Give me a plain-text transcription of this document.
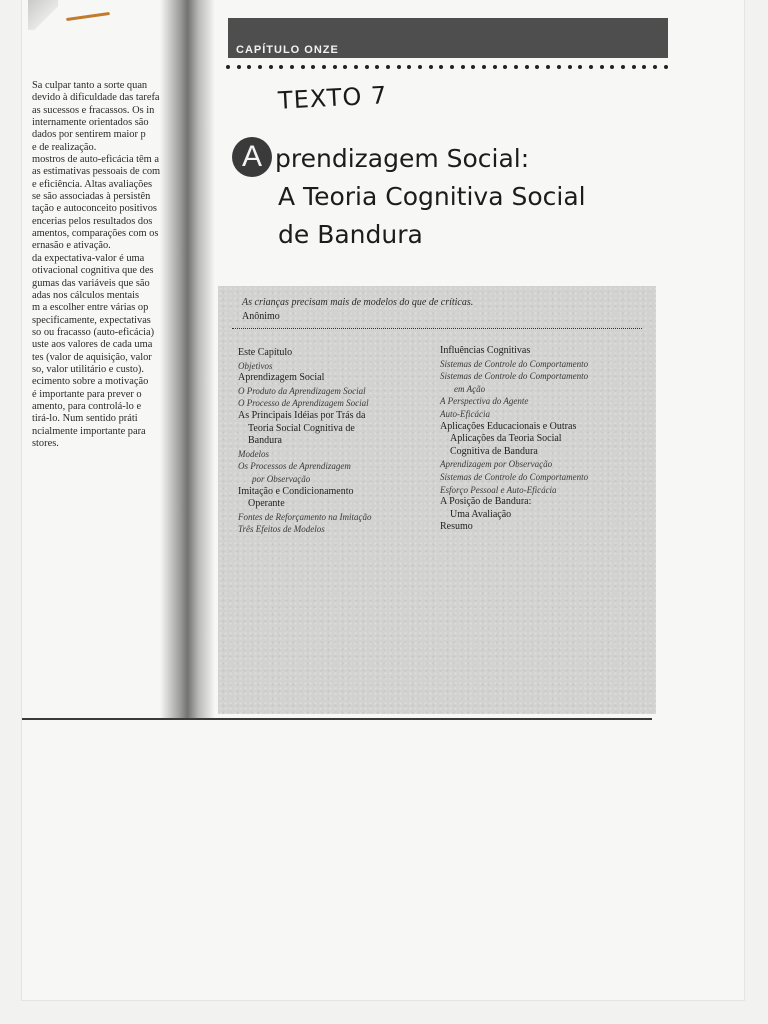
Sa culpar tanto a sorte quan
devido à dificuldade das tarefa
as sucessos e fracassos. Os in
internamente orientados são
dados por sentirem maior p
e de realização.
mostros de auto-eficácia têm a
as estimativas pessoais de com
e eficiência. Altas avaliações
se são associadas à persistên
tação e autoconceito positivos
encerias pelos resultados dos
amentos, comparações com os
ernasão e ativação.
da expectativa-valor é uma
otivacional cognitiva que des
gumas das variáveis que são
adas nos cálculos mentais
m a escolher entre várias op
specificamente, expectativas
so ou fracasso (auto-eficácia)
uste aos valores de cada uma
tes (valor de aquisição, valor
so, valor utilitário e custo).
ecimento sobre a motivação
é importante para prever o
amento, para controlá-lo e
tirá-lo. Num sentido práti
ncialmente importante para
stores.
CAPÍTULO ONZE
TEXTO 7
A prendizagem Social:
A Teoria Cognitiva Social
de Bandura
As crianças precisam mais de modelos do que de críticas.
Anônimo
Este Capítulo
Objetivos
Aprendizagem Social
O Produto da Aprendizagem Social
O Processo de Aprendizagem Social
As Principais Idéias por Trás da
Teoria Social Cognitiva de
Bandura
Modelos
Os Processos de Aprendizagem
por Observação
Imitação e Condicionamento
Operante
Fontes de Reforçamento na Imitação
Três Efeitos de Modelos
Influências Cognitivas
Sistemas de Controle do Comportamento
Sistemas de Controle do Comportamento
em Ação
A Perspectiva do Agente
Auto-Eficácia
Aplicações Educacionais e Outras
Aplicações da Teoria Social
Cognitiva de Bandura
Aprendizagem por Observação
Sistemas de Controle do Comportamento
Esforço Pessoal e Auto-Eficácia
A Posição de Bandura:
Uma Avaliação
Resumo
